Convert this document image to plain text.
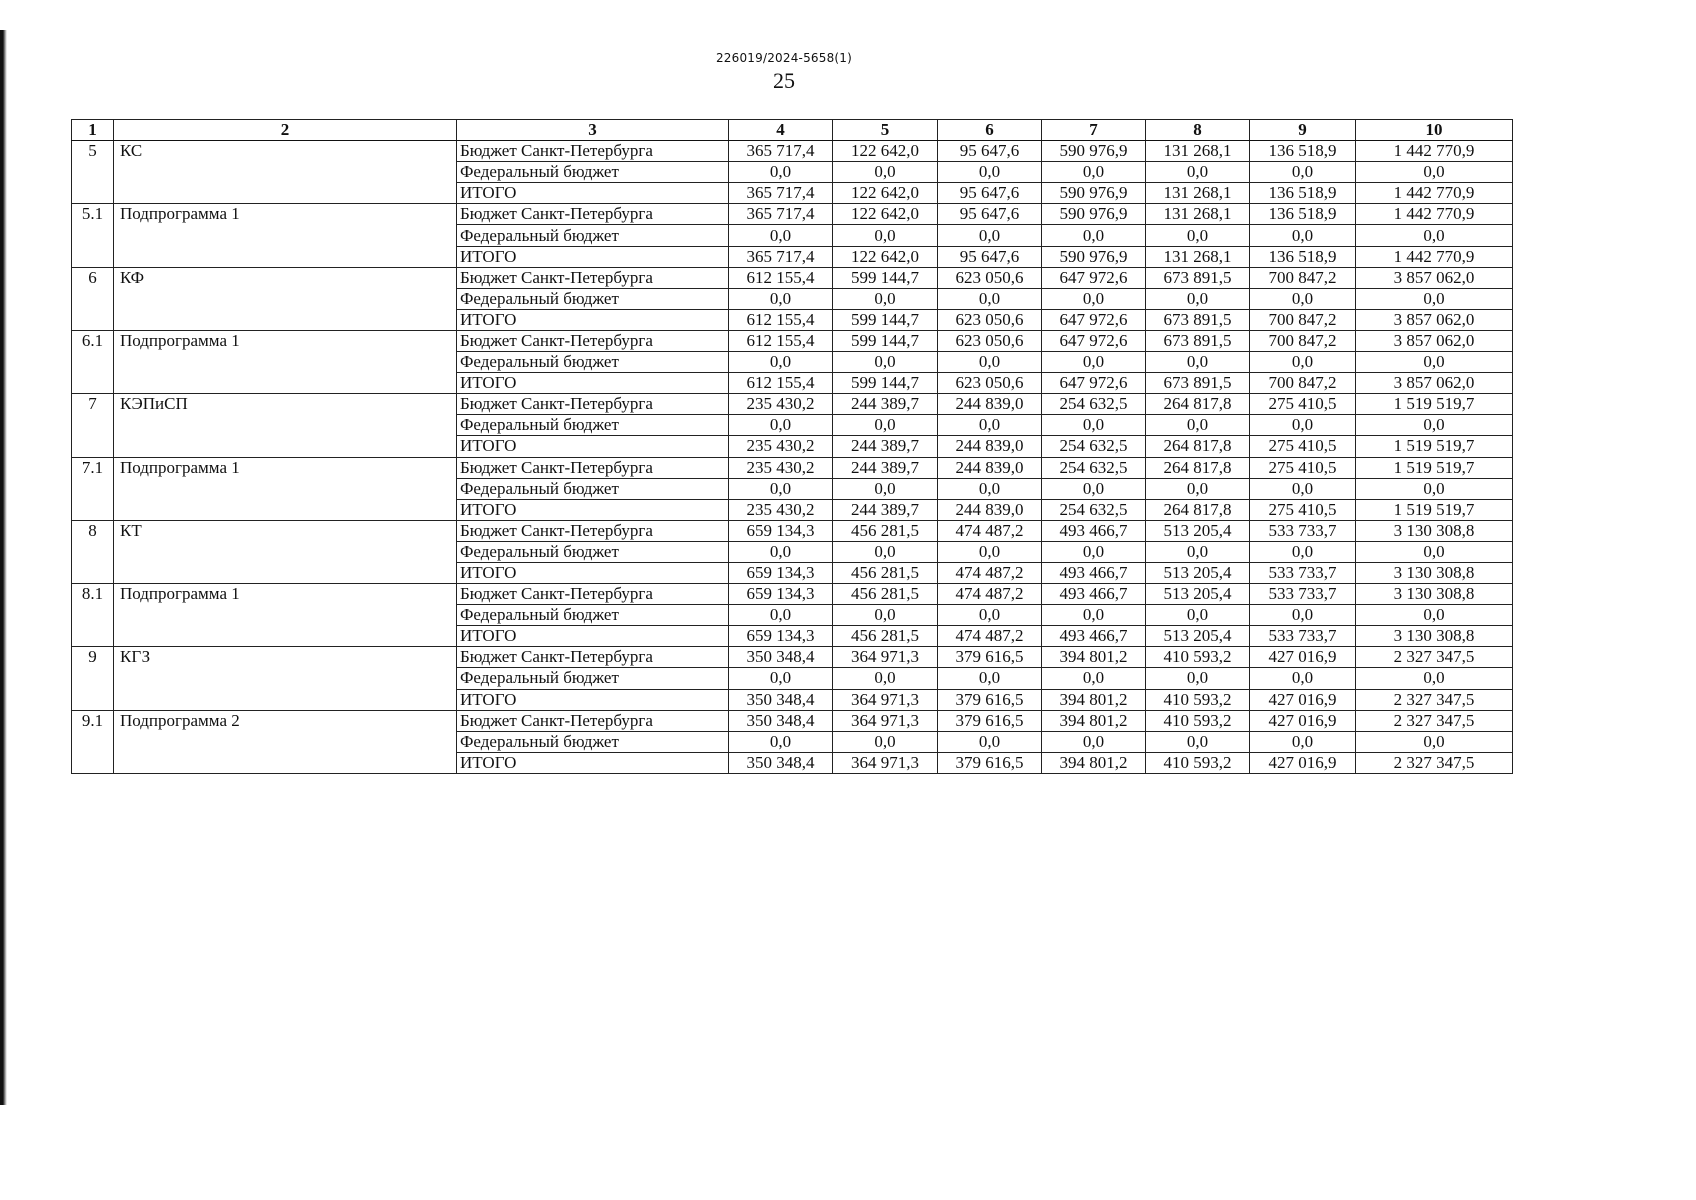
226019/2024-5658(1)
25
1	2	3	4	5	6	7	8	9	10
5	КС	Бюджет Санкт-Петербурга	365 717,4	122 642,0	95 647,6	590 976,9	131 268,1	136 518,9	1 442 770,9
		Федеральный бюджет	0,0	0,0	0,0	0,0	0,0	0,0	0,0
		ИТОГО	365 717,4	122 642,0	95 647,6	590 976,9	131 268,1	136 518,9	1 442 770,9
5.1	Подпрограмма 1	Бюджет Санкт-Петербурга	365 717,4	122 642,0	95 647,6	590 976,9	131 268,1	136 518,9	1 442 770,9
		Федеральный бюджет	0,0	0,0	0,0	0,0	0,0	0,0	0,0
		ИТОГО	365 717,4	122 642,0	95 647,6	590 976,9	131 268,1	136 518,9	1 442 770,9
6	КФ	Бюджет Санкт-Петербурга	612 155,4	599 144,7	623 050,6	647 972,6	673 891,5	700 847,2	3 857 062,0
		Федеральный бюджет	0,0	0,0	0,0	0,0	0,0	0,0	0,0
		ИТОГО	612 155,4	599 144,7	623 050,6	647 972,6	673 891,5	700 847,2	3 857 062,0
6.1	Подпрограмма 1	Бюджет Санкт-Петербурга	612 155,4	599 144,7	623 050,6	647 972,6	673 891,5	700 847,2	3 857 062,0
		Федеральный бюджет	0,0	0,0	0,0	0,0	0,0	0,0	0,0
		ИТОГО	612 155,4	599 144,7	623 050,6	647 972,6	673 891,5	700 847,2	3 857 062,0
7	КЭПиСП	Бюджет Санкт-Петербурга	235 430,2	244 389,7	244 839,0	254 632,5	264 817,8	275 410,5	1 519 519,7
		Федеральный бюджет	0,0	0,0	0,0	0,0	0,0	0,0	0,0
		ИТОГО	235 430,2	244 389,7	244 839,0	254 632,5	264 817,8	275 410,5	1 519 519,7
7.1	Подпрограмма 1	Бюджет Санкт-Петербурга	235 430,2	244 389,7	244 839,0	254 632,5	264 817,8	275 410,5	1 519 519,7
		Федеральный бюджет	0,0	0,0	0,0	0,0	0,0	0,0	0,0
		ИТОГО	235 430,2	244 389,7	244 839,0	254 632,5	264 817,8	275 410,5	1 519 519,7
8	КТ	Бюджет Санкт-Петербурга	659 134,3	456 281,5	474 487,2	493 466,7	513 205,4	533 733,7	3 130 308,8
		Федеральный бюджет	0,0	0,0	0,0	0,0	0,0	0,0	0,0
		ИТОГО	659 134,3	456 281,5	474 487,2	493 466,7	513 205,4	533 733,7	3 130 308,8
8.1	Подпрограмма 1	Бюджет Санкт-Петербурга	659 134,3	456 281,5	474 487,2	493 466,7	513 205,4	533 733,7	3 130 308,8
		Федеральный бюджет	0,0	0,0	0,0	0,0	0,0	0,0	0,0
		ИТОГО	659 134,3	456 281,5	474 487,2	493 466,7	513 205,4	533 733,7	3 130 308,8
9	КГЗ	Бюджет Санкт-Петербурга	350 348,4	364 971,3	379 616,5	394 801,2	410 593,2	427 016,9	2 327 347,5
		Федеральный бюджет	0,0	0,0	0,0	0,0	0,0	0,0	0,0
		ИТОГО	350 348,4	364 971,3	379 616,5	394 801,2	410 593,2	427 016,9	2 327 347,5
9.1	Подпрограмма 2	Бюджет Санкт-Петербурга	350 348,4	364 971,3	379 616,5	394 801,2	410 593,2	427 016,9	2 327 347,5
		Федеральный бюджет	0,0	0,0	0,0	0,0	0,0	0,0	0,0
		ИТОГО	350 348,4	364 971,3	379 616,5	394 801,2	410 593,2	427 016,9	2 327 347,5
